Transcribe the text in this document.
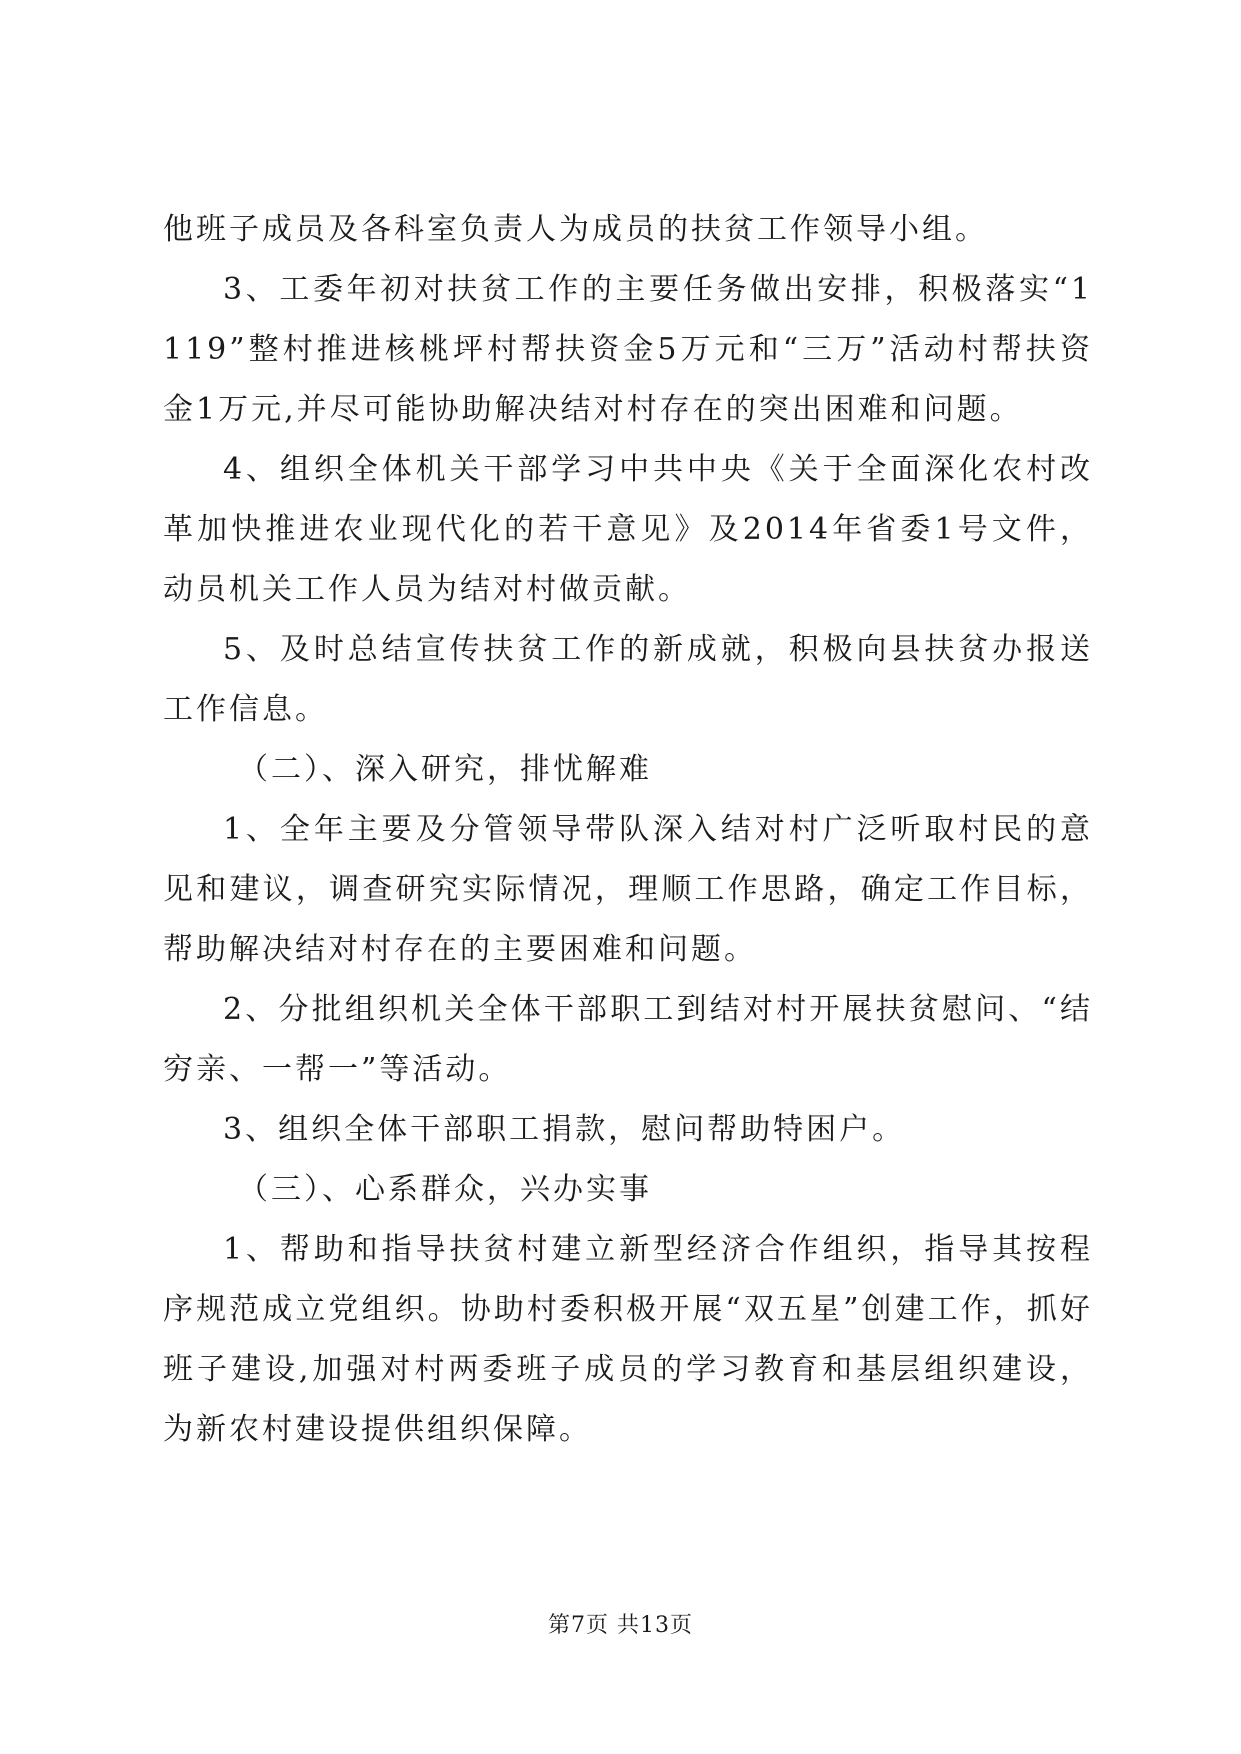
他班子成员及各科室负责人为成员的扶贫工作领导小组。

3、工委年初对扶贫工作的主要任务做出安排，积极落实“1119”整村推进核桃坪村帮扶资金5万元和“三万”活动村帮扶资金1万元,并尽可能协助解决结对村存在的突出困难和问题。

4、组织全体机关干部学习中共中央《关于全面深化农村改革加快推进农业现代化的若干意见》及2014年省委1号文件，动员机关工作人员为结对村做贡献。

5、及时总结宣传扶贫工作的新成就，积极向县扶贫办报送工作信息。

（二）、深入研究，排忧解难

1、全年主要及分管领导带队深入结对村广泛听取村民的意见和建议，调查研究实际情况，理顺工作思路，确定工作目标，帮助解决结对村存在的主要困难和问题。

2、分批组织机关全体干部职工到结对村开展扶贫慰问、“结穷亲、一帮一”等活动。

3、组织全体干部职工捐款，慰问帮助特困户。

（三）、心系群众，兴办实事

1、帮助和指导扶贫村建立新型经济合作组织，指导其按程序规范成立党组织。协助村委积极开展“双五星”创建工作，抓好班子建设,加强对村两委班子成员的学习教育和基层组织建设，为新农村建设提供组织保障。

第7页 共13页
